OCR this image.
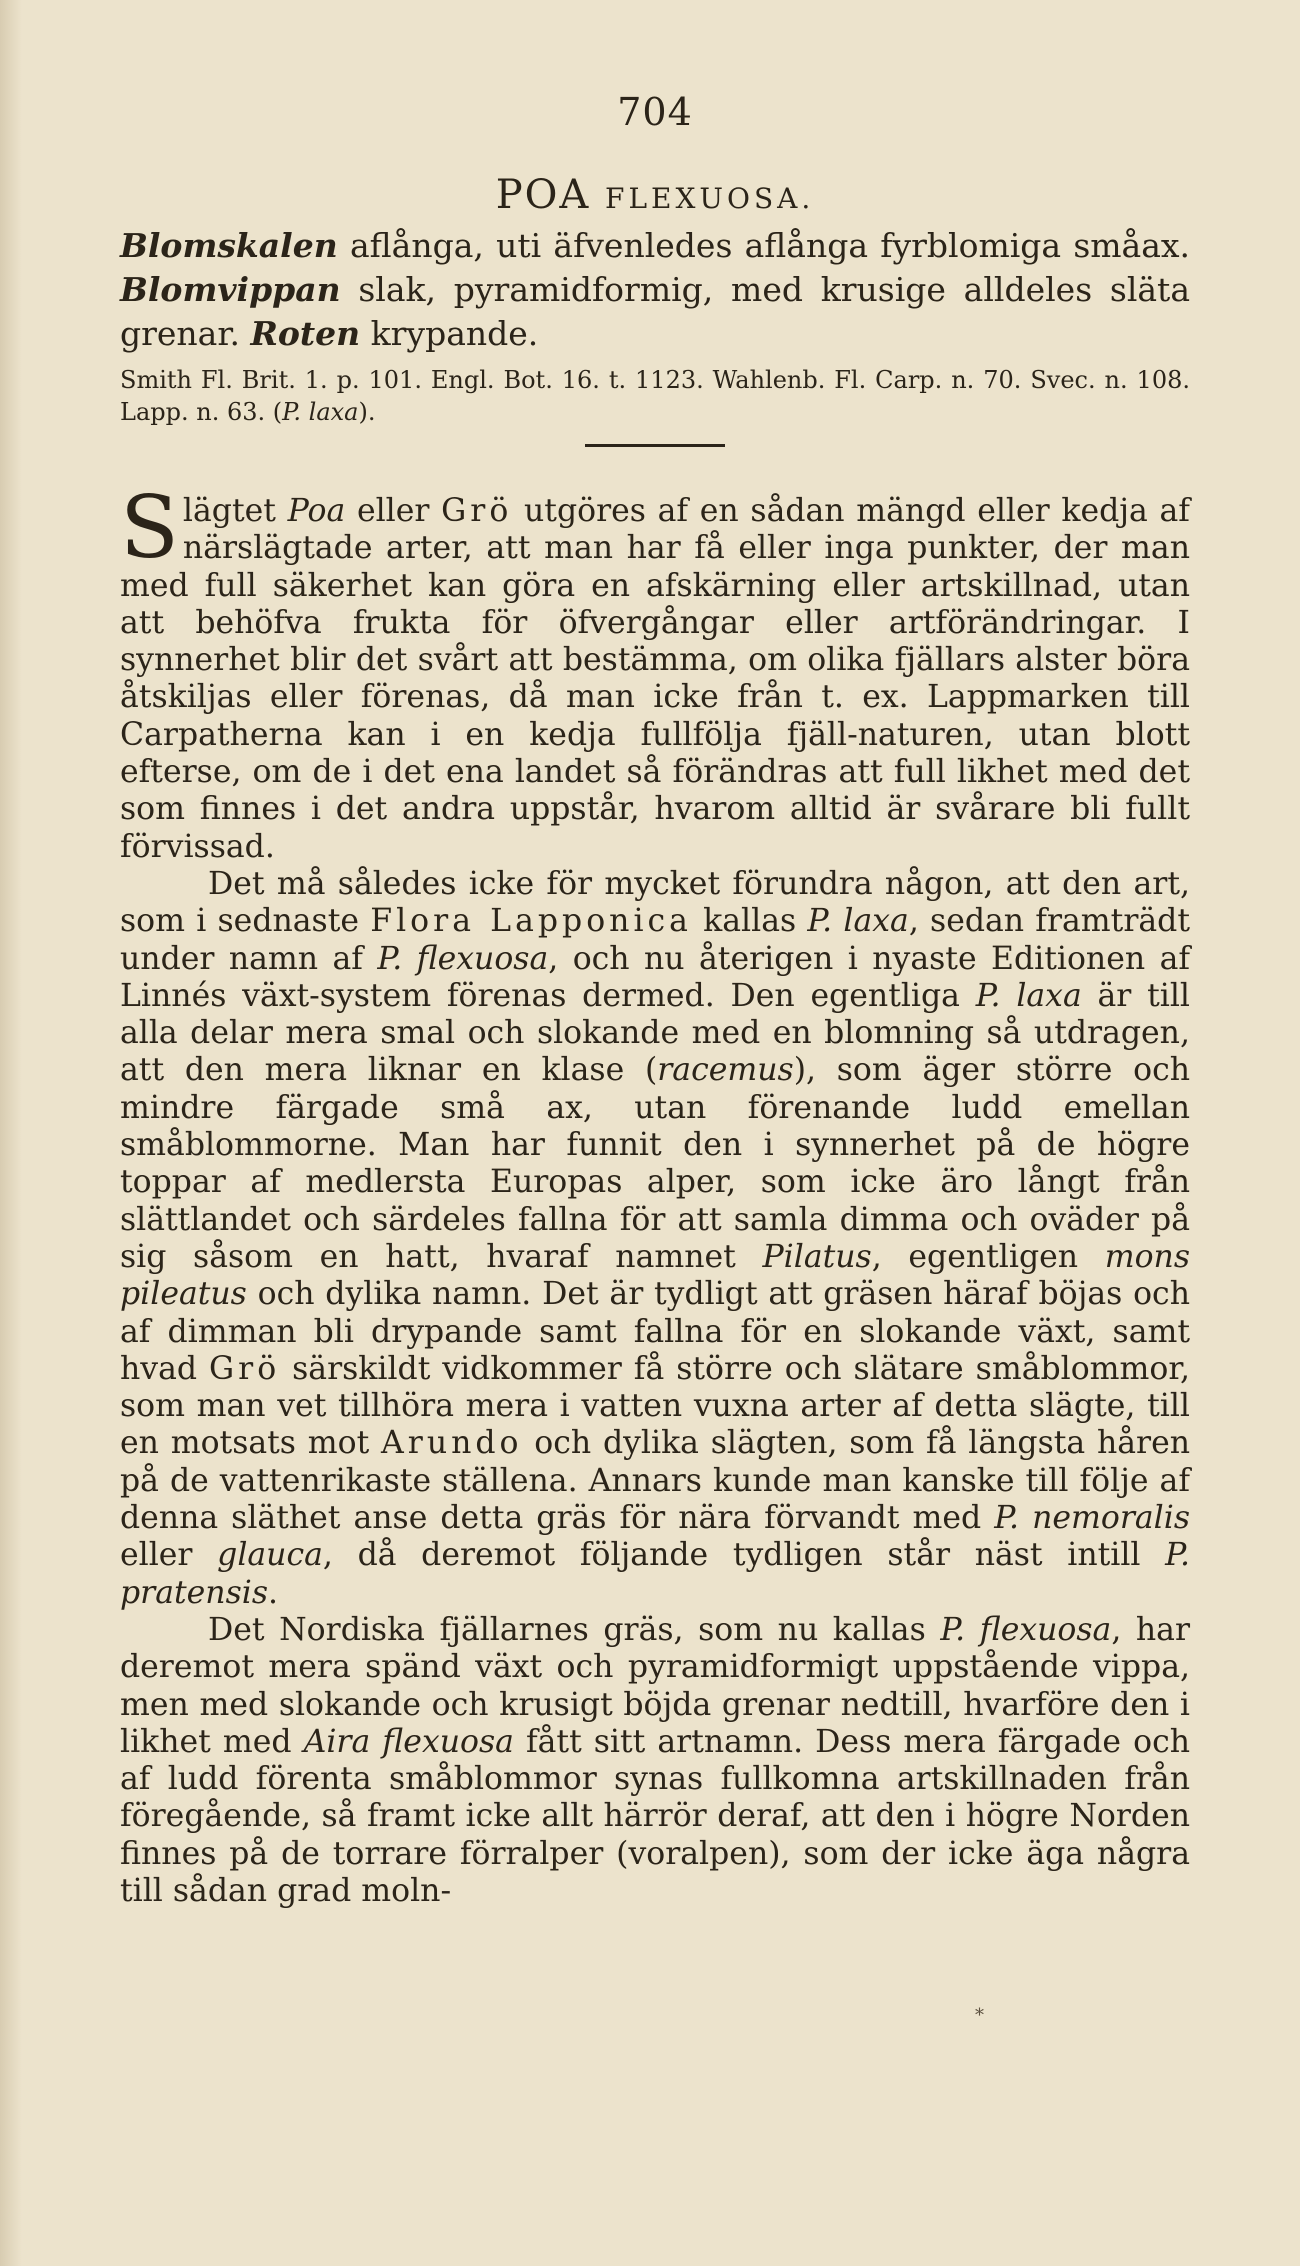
704
POA FLEXUOSA.
Blomskalen aflånga, uti äfvenledes aflånga fyrblomiga småax. Blomvippan slak, pyramidformig, med krusige alldeles släta grenar. Roten krypande.
Smith Fl. Brit. 1. p. 101. Engl. Bot. 16. t. 1123. Wahlenb. Fl. Carp. n. 70. Svec. n. 108. Lapp. n. 63. (P. laxa).

Slägtet Poa eller Grö utgöres af en sådan mängd eller kedja af närslägtade arter, att man har få eller inga punkter, der man med full säkerhet kan göra en afskärning eller artskillnad, utan att behöfva frukta för öfvergångar eller artförändringar. I synnerhet blir det svårt att bestämma, om olika fjällars alster böra åtskiljas eller förenas, då man icke från t. ex. Lappmarken till Carpatherna kan i en kedja fullfölja fjäll-naturen, utan blott efterse, om de i det ena landet så förändras att full likhet med det som finnes i det andra uppstår, hvarom alltid är svårare bli fullt förvissad.

Det må således icke för mycket förundra någon, att den art, som i sednaste Flora Lapponica kallas P. laxa, sedan framträdt under namn af P. flexuosa, och nu återigen i nyaste Editionen af Linnés växt-system förenas dermed. Den egentliga P. laxa är till alla delar mera smal och slokande med en blomning så utdragen, att den mera liknar en klase (racemus), som äger större och mindre färgade små ax, utan förenande ludd emellan småblommorne. Man har funnit den i synnerhet på de högre toppar af medlersta Europas alper, som icke äro långt från slättlandet och särdeles fallna för att samla dimma och oväder på sig såsom en hatt, hvaraf namnet Pilatus, egentligen mons pileatus och dylika namn. Det är tydligt att gräsen häraf böjas och af dimman bli drypande samt fallna för en slokande växt, samt hvad Grö särskildt vidkommer få större och slätare småblommor, som man vet tillhöra mera i vatten vuxna arter af detta slägte, till en motsats mot Arundo och dylika slägten, som få längsta håren på de vattenrikaste ställena. Annars kunde man kanske till följe af denna släthet anse detta gräs för nära förvandt med P. nemoralis eller glauca, då deremot följande tydligen står näst intill P. pratensis.

Det Nordiska fjällarnes gräs, som nu kallas P. flexuosa, har deremot mera spänd växt och pyramidformigt uppstående vippa, men med slokande och krusigt böjda grenar nedtill, hvarföre den i likhet med Aira flexuosa fått sitt artnamn. Dess mera färgade och af ludd förenta småblommor synas fullkomna artskillnaden från föregående, så framt icke allt härrör deraf, att den i högre Norden finnes på de torrare förralper (voralpen), som der icke äga några till sådan grad moln-

*
